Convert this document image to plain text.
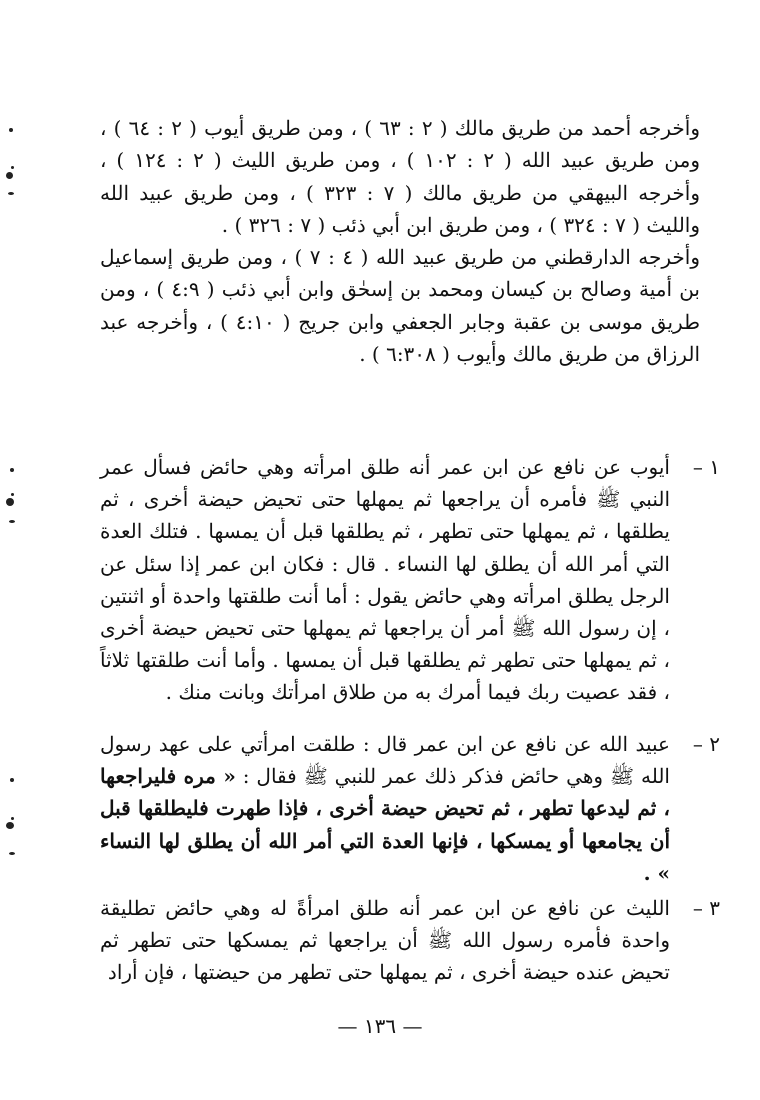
وأخرجه أحمد من طريق مالك ( ٢ : ٦٣ ) ، ومن طريق أيوب ( ٢ : ٦٤ ) ، ومن طريق عبيد الله ( ٢ : ١٠٢ ) ، ومن طريق الليث ( ٢ : ١٢٤ ) ، وأخرجه البيهقي من طريق مالك ( ٧ : ٣٢٣ ) ، ومن طريق عبيد الله والليث ( ٧ : ٣٢٤ ) ، ومن طريق ابن أبي ذئب ( ٧ : ٣٢٦ ) .

وأخرجه الدارقطني من طريق عبيد الله ( ٤ : ٧ ) ، ومن طريق إسماعيل بن أمية وصالح بن كيسان ومحمد بن إسحٰق وابن أبي ذئب ( ٤:٩ ) ، ومن طريق موسى بن عقبة وجابر الجعفي وابن جريج ( ٤:١٠ ) ، وأخرجه عبد الرزاق من طريق مالك وأيوب ( ٦:٣٠٨ ) .

١ –
أيوب عن نافع عن ابن عمر أنه طلق امرأته وهي حائض فسأل عمر النبي ﷺ فأمره أن يراجعها ثم يمهلها حتى تحيض حيضة أخرى ، ثم يطلقها ، ثم يمهلها حتى تطهر ، ثم يطلقها قبل أن يمسها . فتلك العدة التي أمر الله أن يطلق لها النساء . قال : فكان ابن عمر إذا سئل عن الرجل يطلق امرأته وهي حائض يقول : أما أنت طلقتها واحدة أو اثنتين ، إن رسول الله ﷺ أمر أن يراجعها ثم يمهلها حتى تحيض حيضة أخرى ، ثم يمهلها حتى تطهر ثم يطلقها قبل أن يمسها . وأما أنت طلقتها ثلاثاً ، فقد عصيت ربك فيما أمرك به من طلاق امرأتك وبانت منك .
٢ –
عبيد الله عن نافع عن ابن عمر قال : طلقت امرأتي على عهد رسول الله ﷺ وهي حائض فذكر ذلك عمر للنبي ﷺ فقال : « مره فليراجعها ، ثم ليدعها تطهر ، ثم تحيض حيضة أخرى ، فإذا طهرت فليطلقها قبل أن يجامعها أو يمسكها ، فإنها العدة التي أمر الله أن يطلق لها النساء » .
٣ –
الليث عن نافع عن ابن عمر أنه طلق امرأةً له وهي حائض تطليقة واحدة فأمره رسول الله ﷺ أن يراجعها ثم يمسكها حتى تطهر ثم تحيض عنده حيضة أخرى ، ثم يمهلها حتى تطهر من حيضتها ، فإن أراد
— ١٣٦ —
